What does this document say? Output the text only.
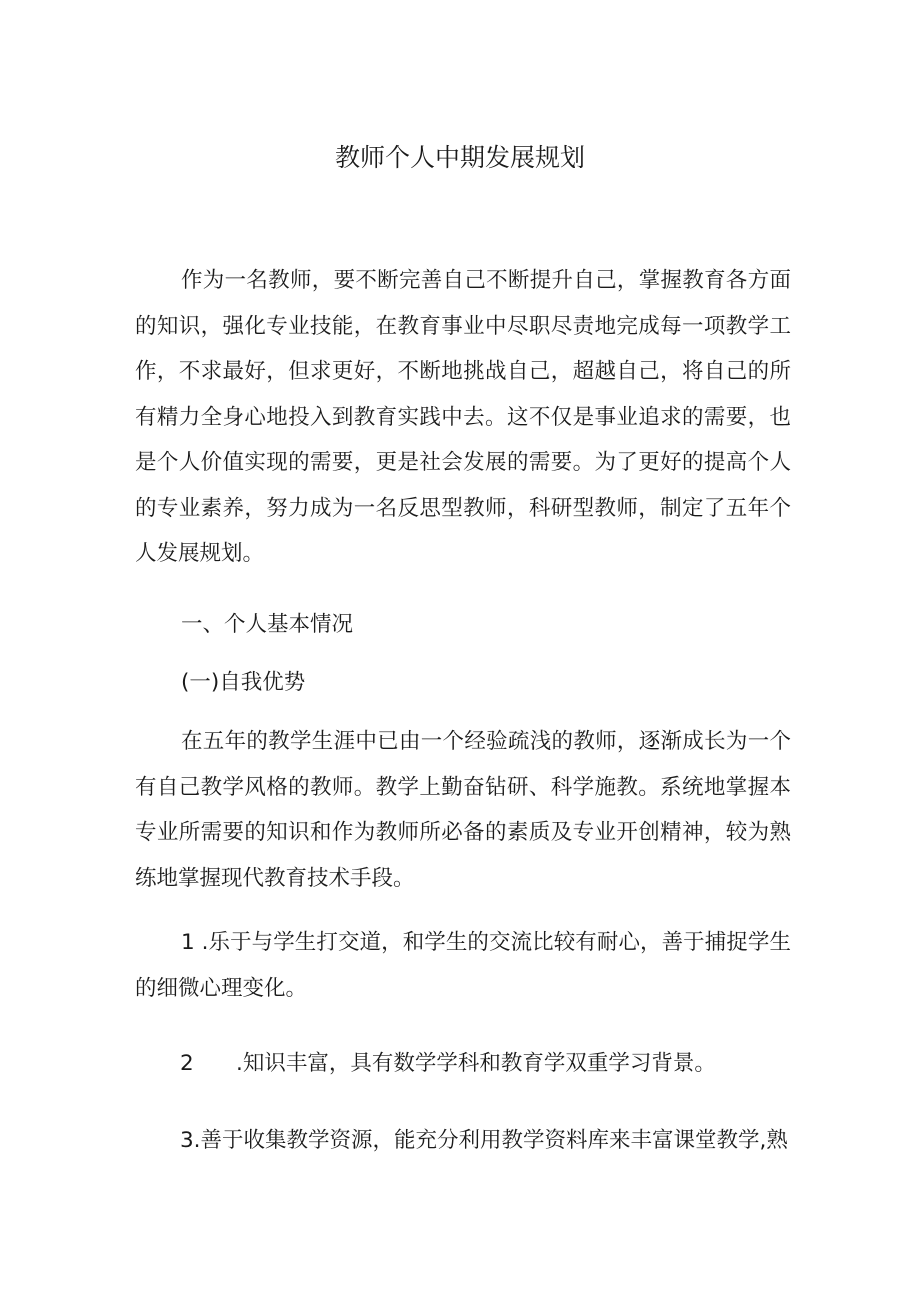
教师个人中期发展规划

作为一名教师，要不断完善自己不断提升自己，掌握教育各方面的知识，强化专业技能，在教育事业中尽职尽责地完成每一项教学工作，不求最好，但求更好，不断地挑战自己，超越自己，将自己的所有精力全身心地投入到教育实践中去。这不仅是事业追求的需要，也是个人价值实现的需要，更是社会发展的需要。为了更好的提高个人的专业素养，努力成为一名反思型教师，科研型教师，制定了五年个人发展规划。

一、个人基本情况

(一)自我优势

在五年的教学生涯中已由一个经验疏浅的教师，逐渐成长为一个有自己教学风格的教师。教学上勤奋钻研、科学施教。系统地掌握本专业所需要的知识和作为教师所必备的素质及专业开创精神，较为熟练地掌握现代教育技术手段。

1 .乐于与学生打交道，和学生的交流比较有耐心，善于捕捉学生的细微心理变化。

2 .知识丰富，具有数学学科和教育学双重学习背景。
3.善于收集教学资源，能充分利用教学资料库来丰富课堂教学,熟
